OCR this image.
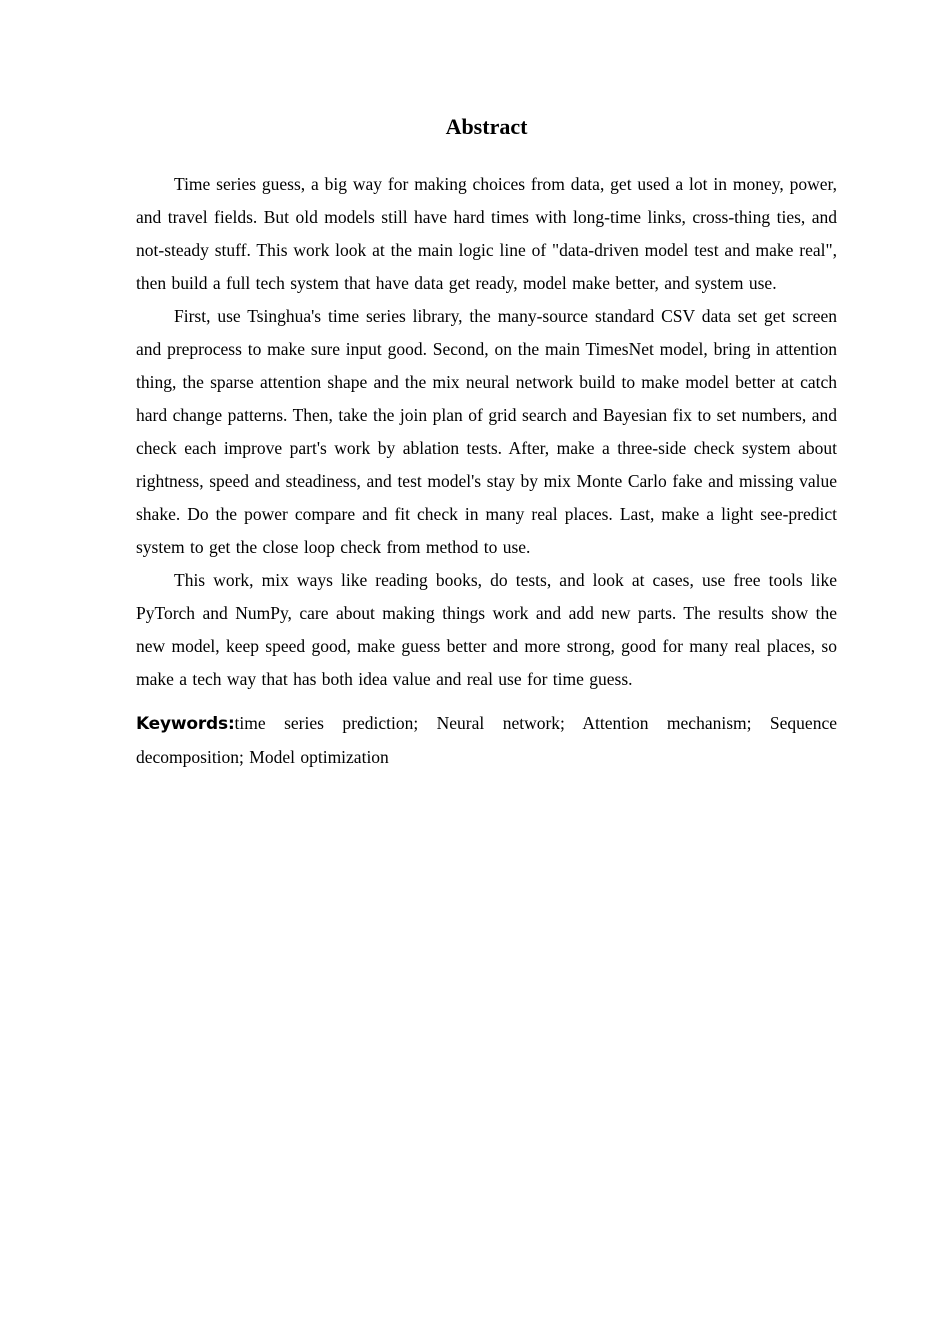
Abstract

Time series guess, a big way for making choices from data, get used a lot in money, power, and travel fields. But old models still have hard times with long-time links, cross-thing ties, and not-steady stuff. This work look at the main logic line of "data-driven model test and make real", then build a full tech system that have data get ready, model make better, and system use.

First, use Tsinghua's time series library, the many-source standard CSV data set get screen and preprocess to make sure input good. Second, on the main TimesNet model, bring in attention thing, the sparse attention shape and the mix neural network build to make model better at catch hard change patterns. Then, take the join plan of grid search and Bayesian fix to set numbers, and check each improve part's work by ablation tests. After, make a three-side check system about rightness, speed and steadiness, and test model's stay by mix Monte Carlo fake and missing value shake. Do the power compare and fit check in many real places. Last, make a light see-predict system to get the close loop check from method to use.

This work, mix ways like reading books, do tests, and look at cases, use free tools like PyTorch and NumPy, care about making things work and add new parts. The results show the new model, keep speed good, make guess better and more strong, good for many real places, so make a tech way that has both idea value and real use for time guess.

Keywords:time series prediction; Neural network; Attention mechanism; Sequence decomposition; Model optimization
